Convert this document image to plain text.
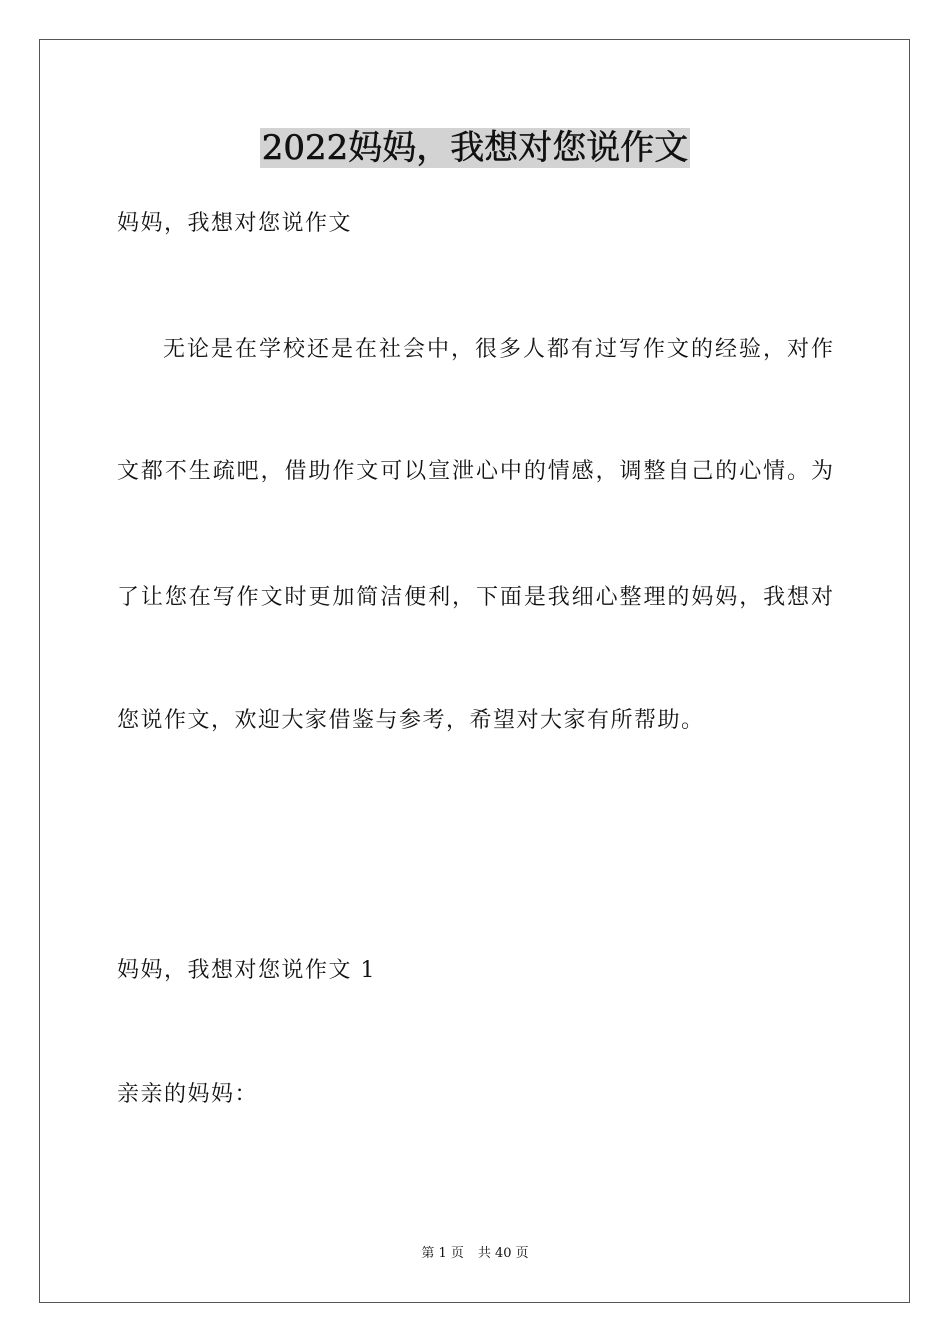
2022妈妈，我想对您说作文

妈妈，我想对您说作文

无论是在学校还是在社会中，很多人都有过写作文的经验，对作

文都不生疏吧，借助作文可以宣泄心中的情感，调整自己的心情。为

了让您在写作文时更加简洁便利，下面是我细心整理的妈妈，我想对

您说作文，欢迎大家借鉴与参考，希望对大家有所帮助。

妈妈，我想对您说作文 1

亲亲的妈妈：

第 1 页 共 40 页
